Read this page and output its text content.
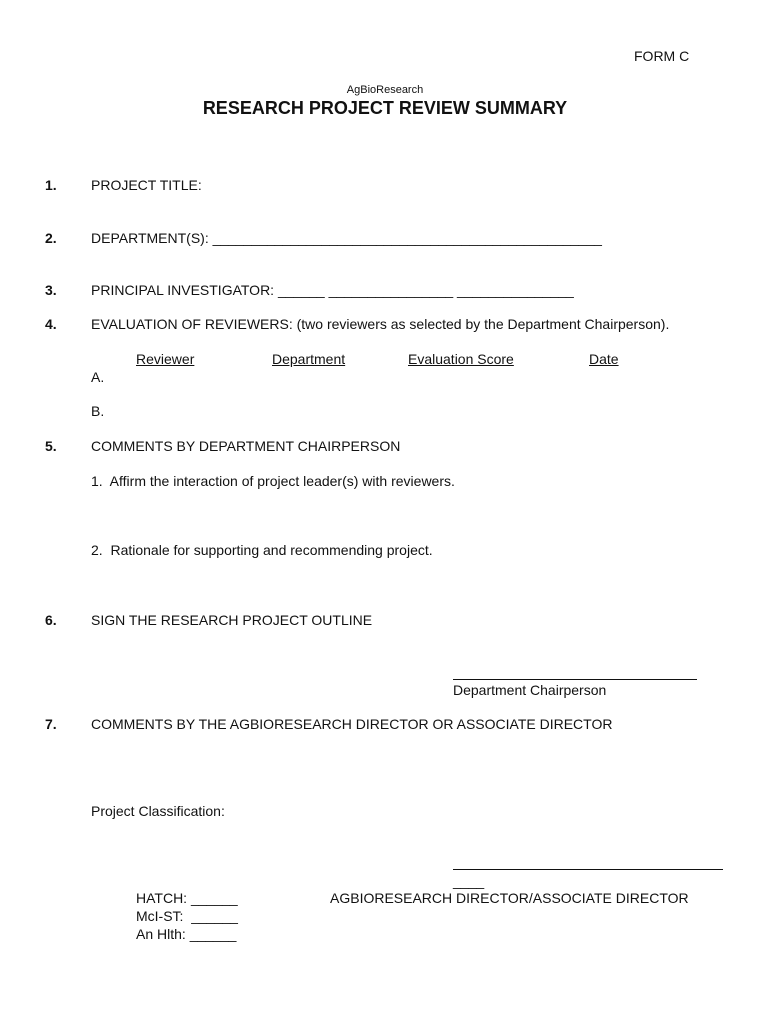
FORM C
AgBioResearch
RESEARCH PROJECT REVIEW SUMMARY
1. PROJECT TITLE:
2. DEPARTMENT(S): __________________________________________________
3. PRINCIPAL INVESTIGATOR: ______ ________________ _______________
4. EVALUATION OF REVIEWERS: (two reviewers as selected by the Department Chairperson).
Reviewer	Department	Evaluation Score	Date
A.
B.
5. COMMENTS BY DEPARTMENT CHAIRPERSON
1.  Affirm the interaction of project leader(s) with reviewers.
2.  Rationale for supporting and recommending project.
6. SIGN THE RESEARCH PROJECT OUTLINE
Department Chairperson
7. COMMENTS BY THE AGBIORESEARCH DIRECTOR OR ASSOCIATE DIRECTOR
Project Classification:
____
AGBIORESEARCH DIRECTOR/ASSOCIATE DIRECTOR
HATCH: ______
McI-ST:  ______
An Hlth: ______
